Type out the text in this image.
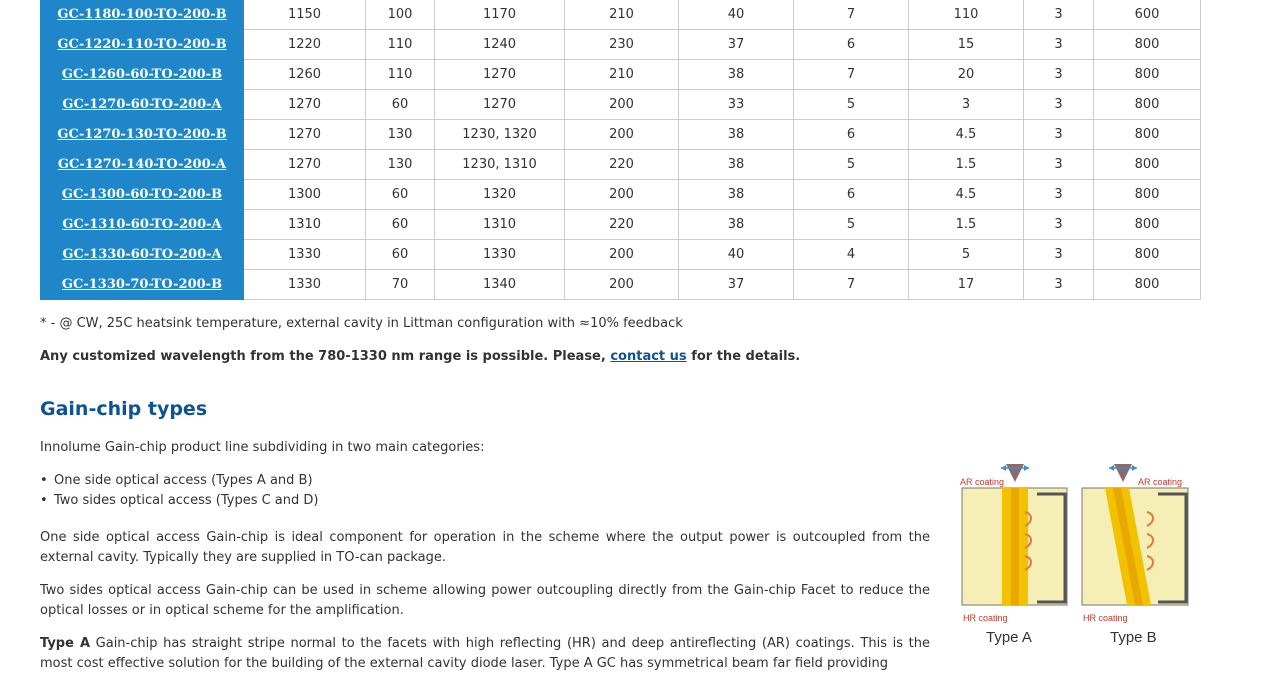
GC-1180-100-TO-200-B	1150	100	1170	210	40	7	110	3	600
GC-1220-110-TO-200-B	1220	110	1240	230	37	6	15	3	800
GC-1260-60-TO-200-B	1260	110	1270	210	38	7	20	3	800
GC-1270-60-TO-200-A	1270	60	1270	200	33	5	3	3	800
GC-1270-130-TO-200-B	1270	130	1230, 1320	200	38	6	4.5	3	800
GC-1270-140-TO-200-A	1270	130	1230, 1310	220	38	5	1.5	3	800
GC-1300-60-TO-200-B	1300	60	1320	200	38	6	4.5	3	800
GC-1310-60-TO-200-A	1310	60	1310	220	38	5	1.5	3	800
GC-1330-60-TO-200-A	1330	60	1330	200	40	4	5	3	800
GC-1330-70-TO-200-B	1330	70	1340	200	37	7	17	3	800
* - @ CW, 25C heatsink temperature, external cavity in Littman configuration with ≈10% feedback
Any customized wavelength from the 780-1330 nm range is possible. Please, contact us for the details.
Gain-chip types

Innolume Gain-chip product line subdividing in two main categories:

• One side optical access (Types A and B)
• Two sides optical access (Types C and D)

One side optical access Gain-chip is ideal component for operation in the scheme where the output power is outcoupled from the external cavity. Typically they are supplied in TO-can package.

Two sides optical access Gain-chip can be used in scheme allowing power outcoupling directly from the Gain-chip Facet to reduce the optical losses or in optical scheme for the amplification.

Type A Gain-chip has straight stripe normal to the facets with high reflecting (HR) and deep antireflecting (AR) coatings. This is the most cost effective solution for the building of the external cavity diode laser. Type A GC has symmetrical beam far field providing

AR coating
HR coating
Type A
AR coating
HR coating
Type B
